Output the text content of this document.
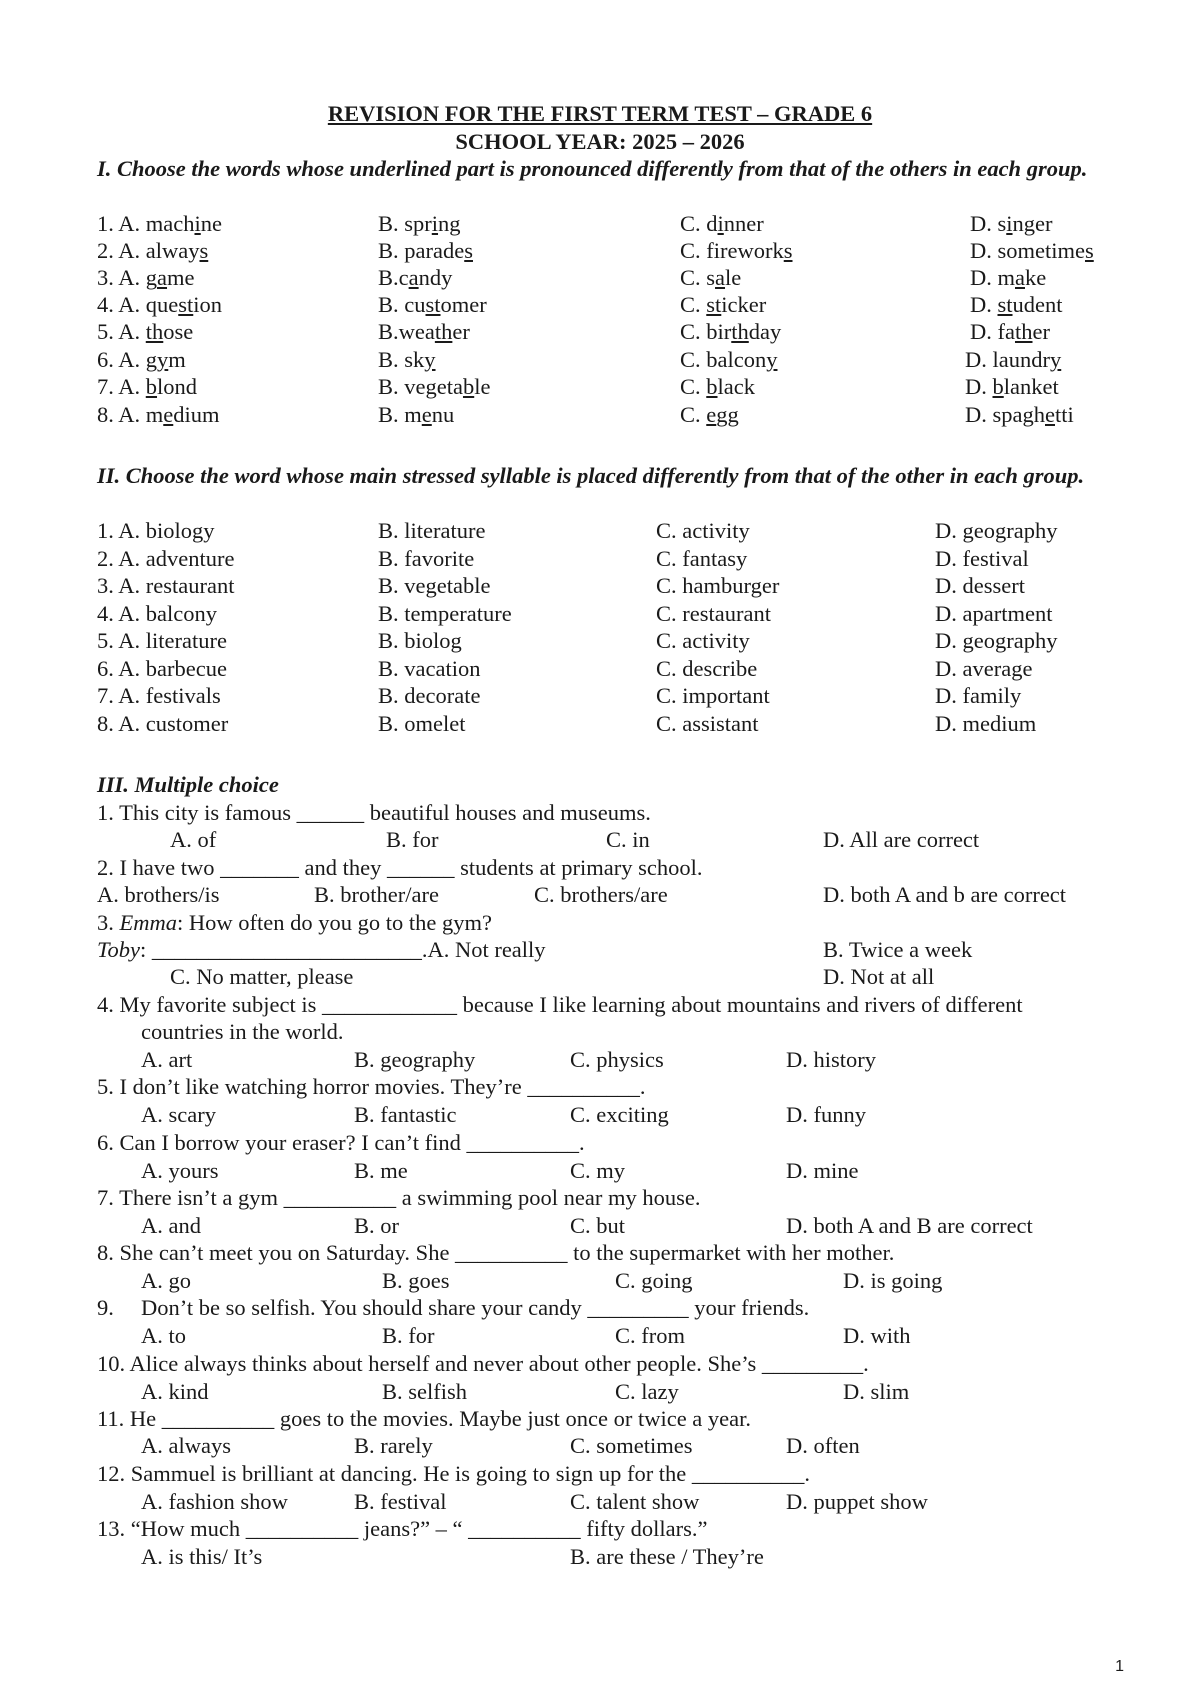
REVISION FOR THE FIRST TERM TEST – GRADE 6
SCHOOL YEAR: 2025 – 2026
I. Choose the words whose underlined part is pronounced differently from that of the others in each group.
1. A. machine	B. spring	C. dinner	D. singer
2. A. always	B. parades	C. fireworks	D. sometimes
3. A. game	B.candy	C. sale	D. make
4. A. question	B. customer	C. sticker	D. student
5. A. those	B.weather	C. birthday	D. father
6. A. gym	B. sky	C. balcony	D. laundry
7. A. blond	B. vegetable	C. black	D. blanket
8. A. medium	B. menu	C. egg	D. spaghetti
II. Choose the word whose main stressed syllable is placed differently from that of the other in each group.
1. A. biology	B. literature	C. activity	D. geography
2. A. adventure	B. favorite	C. fantasy	D. festival
3. A. restaurant	B. vegetable	C. hamburger	D. dessert
4. A. balcony	B. temperature	C. restaurant	D. apartment
5. A. literature	B. biolog	C. activity	D. geography
6. A. barbecue	B. vacation	C. describe	D. average
7. A. festivals	B. decorate	C. important	D. family
8. A. customer	B. omelet	C. assistant	D. medium
III. Multiple choice
1. This city is famous ______ beautiful houses and museums.
A. of	B. for	C. in	D. All are correct
2. I have two _______ and they ______ students at primary school.
A. brothers/is	B. brother/are	C. brothers/are	D. both A and b are correct
3. Emma: How often do you go to the gym?
Toby: ________________________.A. Not really	B. Twice a week
C. No matter, please	D. Not at all
4. My favorite subject is ____________ because I like learning about mountains and rivers of different
countries in the world.
A. art	B. geography	C. physics	D. history
5. I don’t like watching horror movies. They’re __________.
A. scary	B. fantastic	C. exciting	D. funny
6. Can I borrow your eraser? I can’t find __________.
A. yours	B. me	C. my	D. mine
7. There isn’t a gym __________ a swimming pool near my house.
A. and	B. or	C. but	D. both A and B are correct
8. She can’t meet you on Saturday. She __________ to the supermarket with her mother.
A. go	B. goes	C. going	D. is going
9. Don’t be so selfish. You should share your candy _________ your friends.
A. to	B. for	C. from	D. with
10. Alice always thinks about herself and never about other people. She’s _________.
A. kind	B. selfish	C. lazy	D. slim
11. He __________ goes to the movies. Maybe just once or twice a year.
A. always	B. rarely	C. sometimes	D. often
12. Sammuel is brilliant at dancing. He is going to sign up for the __________.
A. fashion show	B. festival	C. talent show	D. puppet show
13. “How much __________ jeans?” – “ __________ fifty dollars.”
A. is this/ It’s	B. are these / They’re
1
